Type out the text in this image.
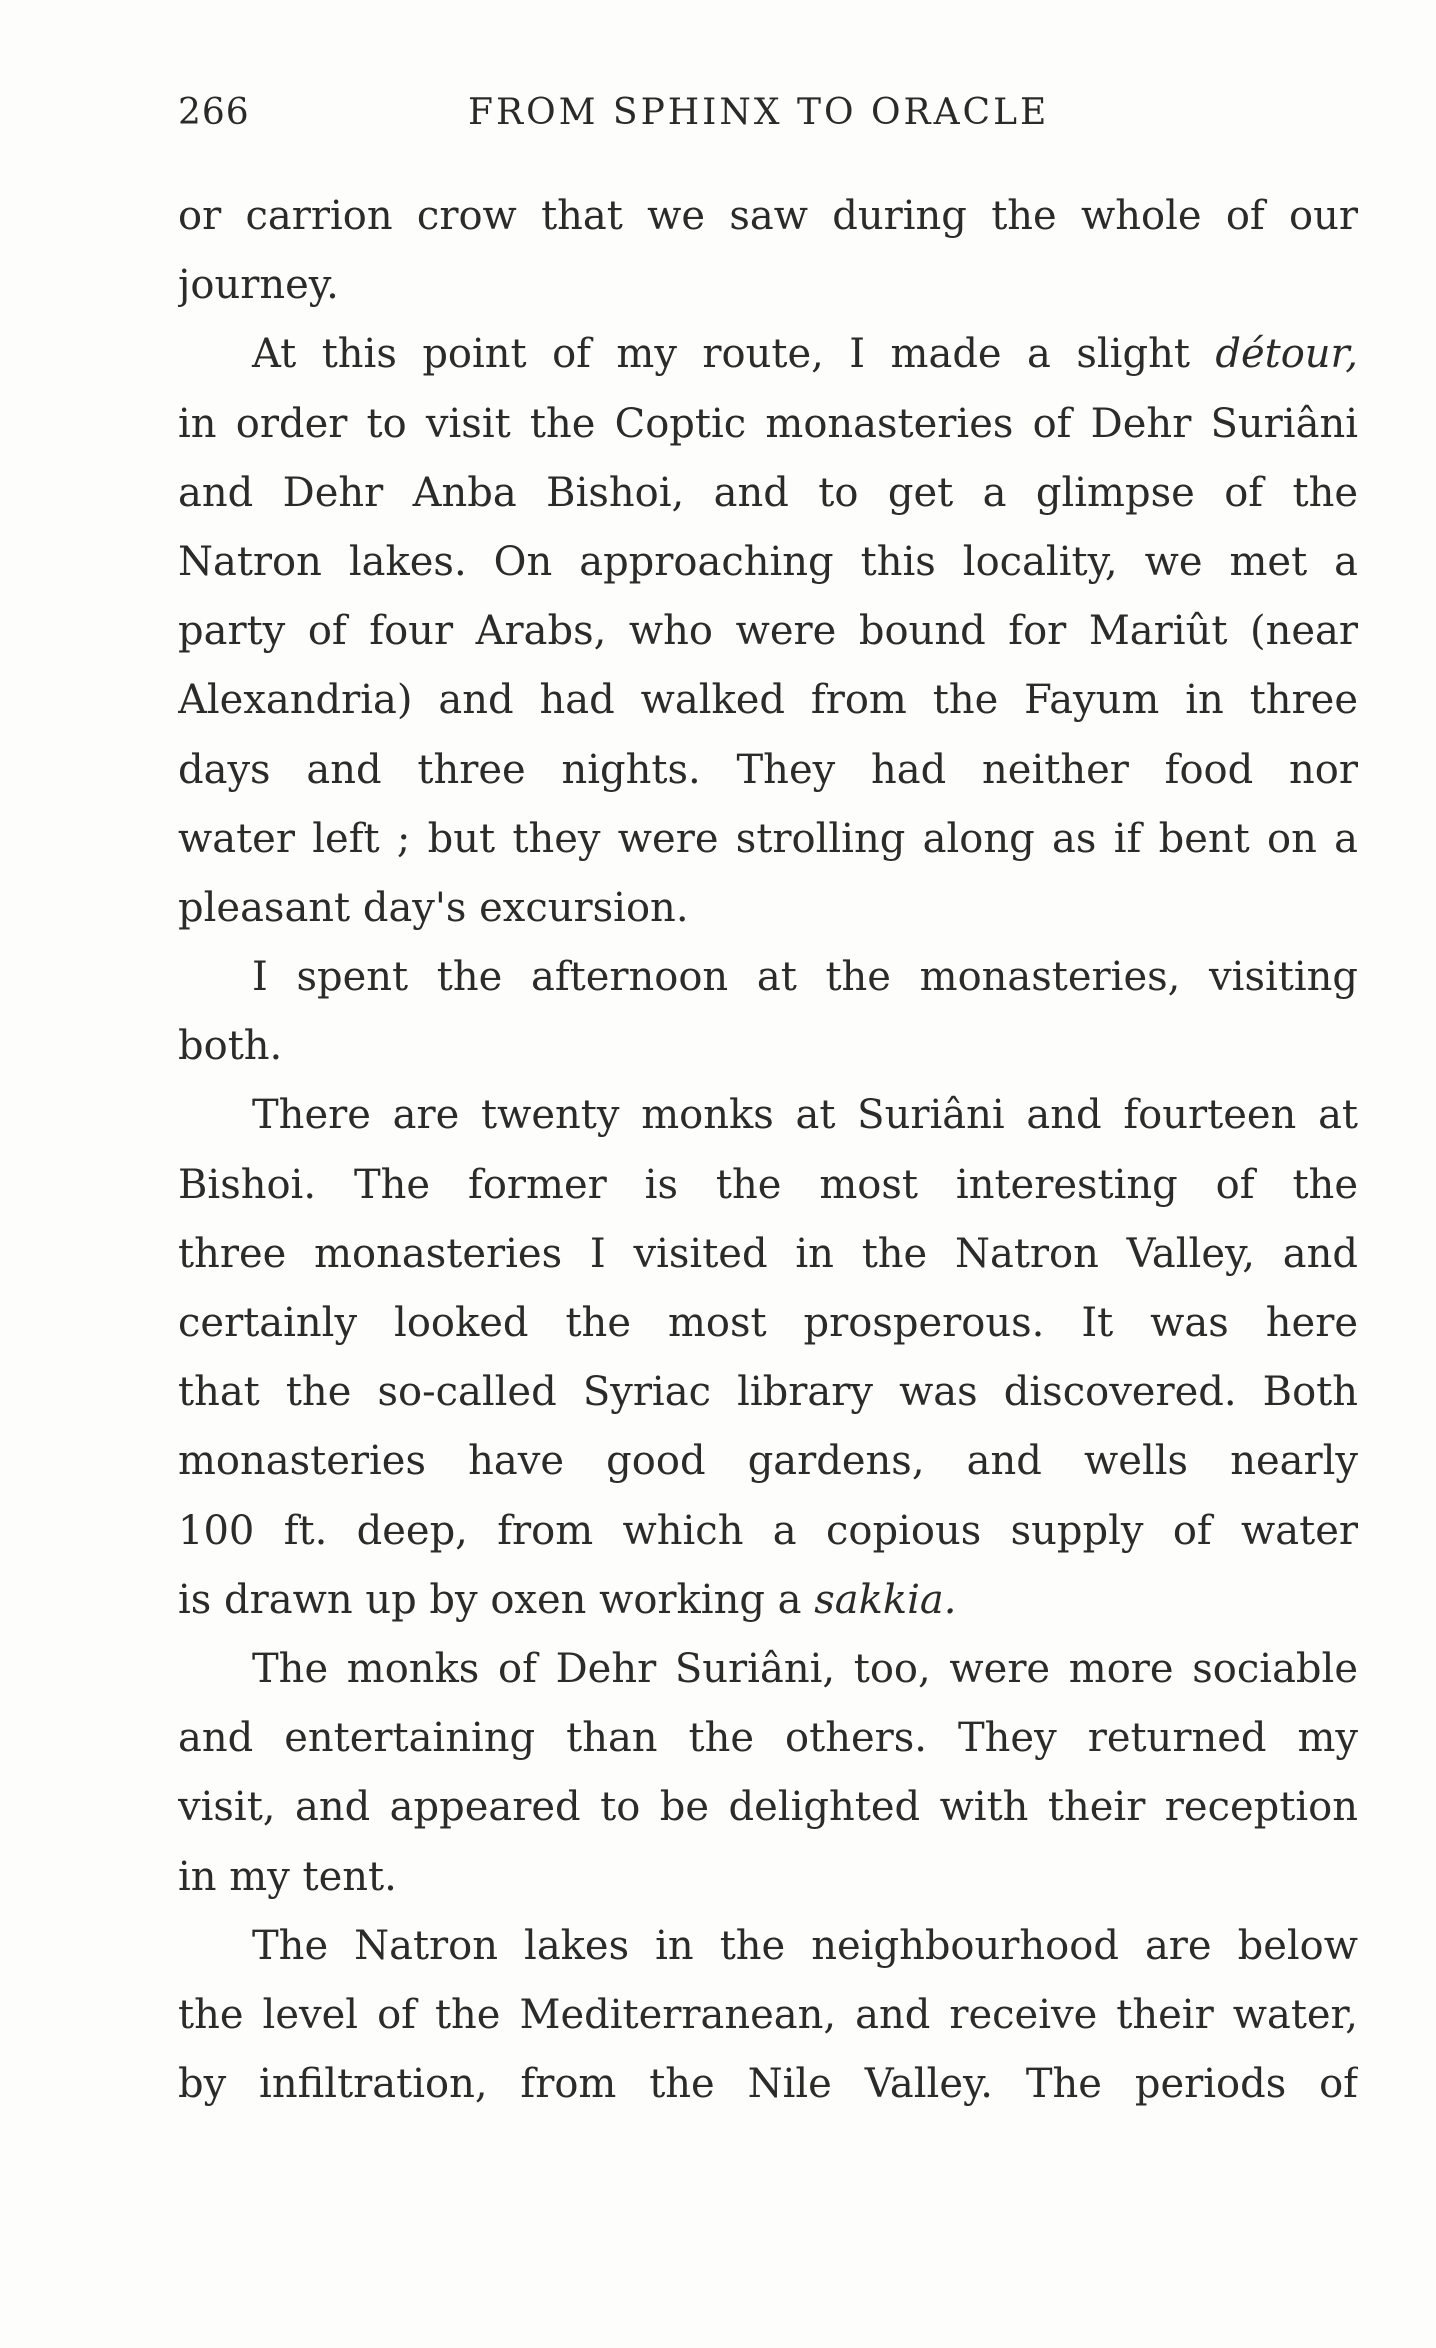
266	FROM SPHINX TO ORACLE
or carrion crow that we saw during the whole of our
journey.
At this point of my route, I made a slight détour,
in order to visit the Coptic monasteries of Dehr Suriâni
and Dehr Anba Bishoi, and to get a glimpse of the
Natron lakes. On approaching this locality, we met a
party of four Arabs, who were bound for Mariût (near
Alexandria) and had walked from the Fayum in three
days and three nights. They had neither food nor
water left ; but they were strolling along as if bent on a
pleasant day's excursion.
I spent the afternoon at the monasteries, visiting
both.
There are twenty monks at Suriâni and fourteen at
Bishoi. The former is the most interesting of the
three monasteries I visited in the Natron Valley, and
certainly looked the most prosperous. It was here
that the so-called Syriac library was discovered. Both
monasteries have good gardens, and wells nearly
100 ft. deep, from which a copious supply of water
is drawn up by oxen working a sakkia.
The monks of Dehr Suriâni, too, were more sociable
and entertaining than the others. They returned my
visit, and appeared to be delighted with their reception
in my tent.
The Natron lakes in the neighbourhood are below
the level of the Mediterranean, and receive their water,
by infiltration, from the Nile Valley. The periods of
